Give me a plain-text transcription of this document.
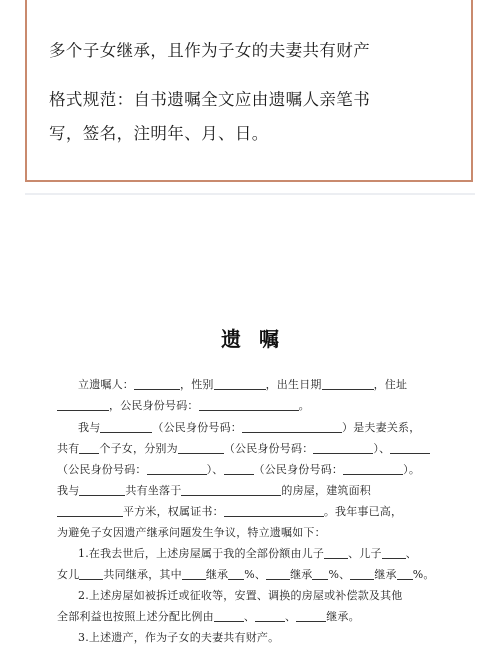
多个子女继承，且作为子女的夫妻共有财产
格式规范：自书遗嘱全文应由遗嘱人亲笔书
写，签名，注明年、月、日。
遗嘱
立遗嘱人：	，性别	，出生日期	，住址
，公民身份号码：	。
我与	（公民身份号码：	）是夫妻关系，
共有 个子女，分别为	（公民身份号码：	）、
（公民身份号码：	）、	（公民身份号码：	）。
我与	共有坐落于	的房屋，建筑面积
平方米，权属证书：	。我年事已高，
为避免子女因遗产继承问题发生争议，特立遗嘱如下：
1.在我去世后，上述房屋属于我的全部份额由儿子 、儿子 、
女儿 共同继承，其中 继承 %、 继承 %、 继承 %。
2.上述房屋如被拆迁或征收等，安置、调换的房屋或补偿款及其他
全部利益也按照上述分配比例由	、	、	继承。
3.上述遗产，作为子女的夫妻共有财产。
